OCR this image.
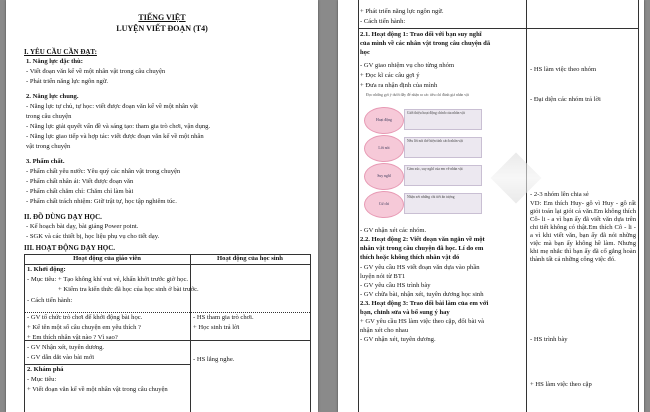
TIẾNG VIỆT
LUYỆN VIẾT ĐOẠN (T4)
I. YÊU CẦU CẦN ĐẠT:
1. Năng lực đặc thù:
- Viết đoạn văn kể về một nhân vật trong câu chuyện
- Phát triển năng lực ngôn ngữ.
2. Năng lực chung.
- Năng lực tự chủ, tự học: viết được đoạn văn kể về một nhân vật
trong câu chuyện
- Năng lực giải quyết vấn đề và sáng tạo: tham gia trò chơi, vận dụng.
- Năng lực giao tiếp và hợp tác: viết được đoạn văn kể về một nhân
vật trong chuyện
3. Phẩm chất.
- Phẩm chất yêu nước: Yêu quý các nhân vật trong chuyện
- Phẩm chất nhân ái: Viết được đoạn văn
- Phẩm chất chăm chỉ: Chăm chỉ làm bài
- Phẩm chất trách nhiệm: Giữ trật tự, học tập nghiêm túc.
II. ĐỒ DÙNG DẠY HỌC.
- Kế hoạch bài dạy, bài giảng Power point.
- SGK và các thiết bị, học liệu phụ vụ cho tiết dạy.
III. HOẠT ĐỘNG DẠY HỌC.
Hoạt động của giáo viên	Hoạt động của học sinh
1. Khởi động:
- Mục tiêu: + Tạo không khí vui vẻ, khấn khởi trước giờ học.
+ Kiểm tra kiến thức đã học của học sinh ở bài trước.
- Cách tiến hành:
- GV tổ chức trò chơi để khởi động bài học.
+ Kể tên một số câu chuyện em yêu thích ?
+ Em thích nhân vật nào ? Vì sao?
- GV Nhận xét, tuyên dương.
- GV dẫn dắt vào bài mới
- HS tham gia trò chơi.
+ Học sinh trả lời
- HS lắng nghe.
2. Khám phá
- Mục tiêu:
+ Viết đoạn văn kể về một nhân vật trong câu chuyện
+ Phát triển năng lực ngôn ngữ.
- Cách tiến hành:
2.1. Hoạt động 1: Trao đổi với bạn suy nghĩ
của mình về các nhân vật trong câu chuyện đã
học
- GV giao nhiệm vụ cho từng nhóm
+ Đọc kĩ các câu gợi ý
+ Đưa ra nhận định của mình
Đọc những gợi ý dưới đây để nhận ra các tiêu chí đánh giá nhân vật
Hoạt động
Lời nói
Suy nghĩ
Cử chỉ
Giới thiệu hoạt động chính của nhân vật
Nêu lời nói thể hiện tính cách nhân vật
Cảm xúc, suy nghĩ của em về nhân vật
Nhận xét những chi tiết ấn tượng
- GV nhận xét các nhóm.
2.2. Hoạt động 2: Viết đoạn văn ngắn về một
nhân vật trong câu chuyện đã học. Lí do em
thích hoặc không thích nhân vật đó
- GV yêu cầu HS viết đoạn văn dựa vào phần
luyện nói từ BT1
- GV yêu cầu HS trình bày
- GV chữa bài, nhận xét, tuyên dương học sinh
2.3. Hoạt động 3: Trao đổi bài làm của em với
bạn, chỉnh sửa và bổ sung ý hay
+ GV yêu cầu HS làm việc theo cặp, đổi bài và
nhận xét cho nhau
- GV nhận xét, tuyên dương.
- HS làm việc theo nhóm
- Đại diện các nhóm trả lời
- 2-3 nhóm lên chia sẻ
VD: Em thích Huy- gô vì Huy - gô rất giỏi toán lại giỏi cả văn.Em không thích Cô- li - a vì bạn ấy đã viết văn dựa trên chi tiết không có thật.Em thích Cô - li - a vì khi viết văn, bạn ấy đã nói những việc mà bạn ấy không hề làm. Nhưng khi mẹ nhắc thì bạn ấy đã cố gắng hoàn thành tất cả những công việc đó.
- HS trình bày
+ HS làm việc theo cặp
